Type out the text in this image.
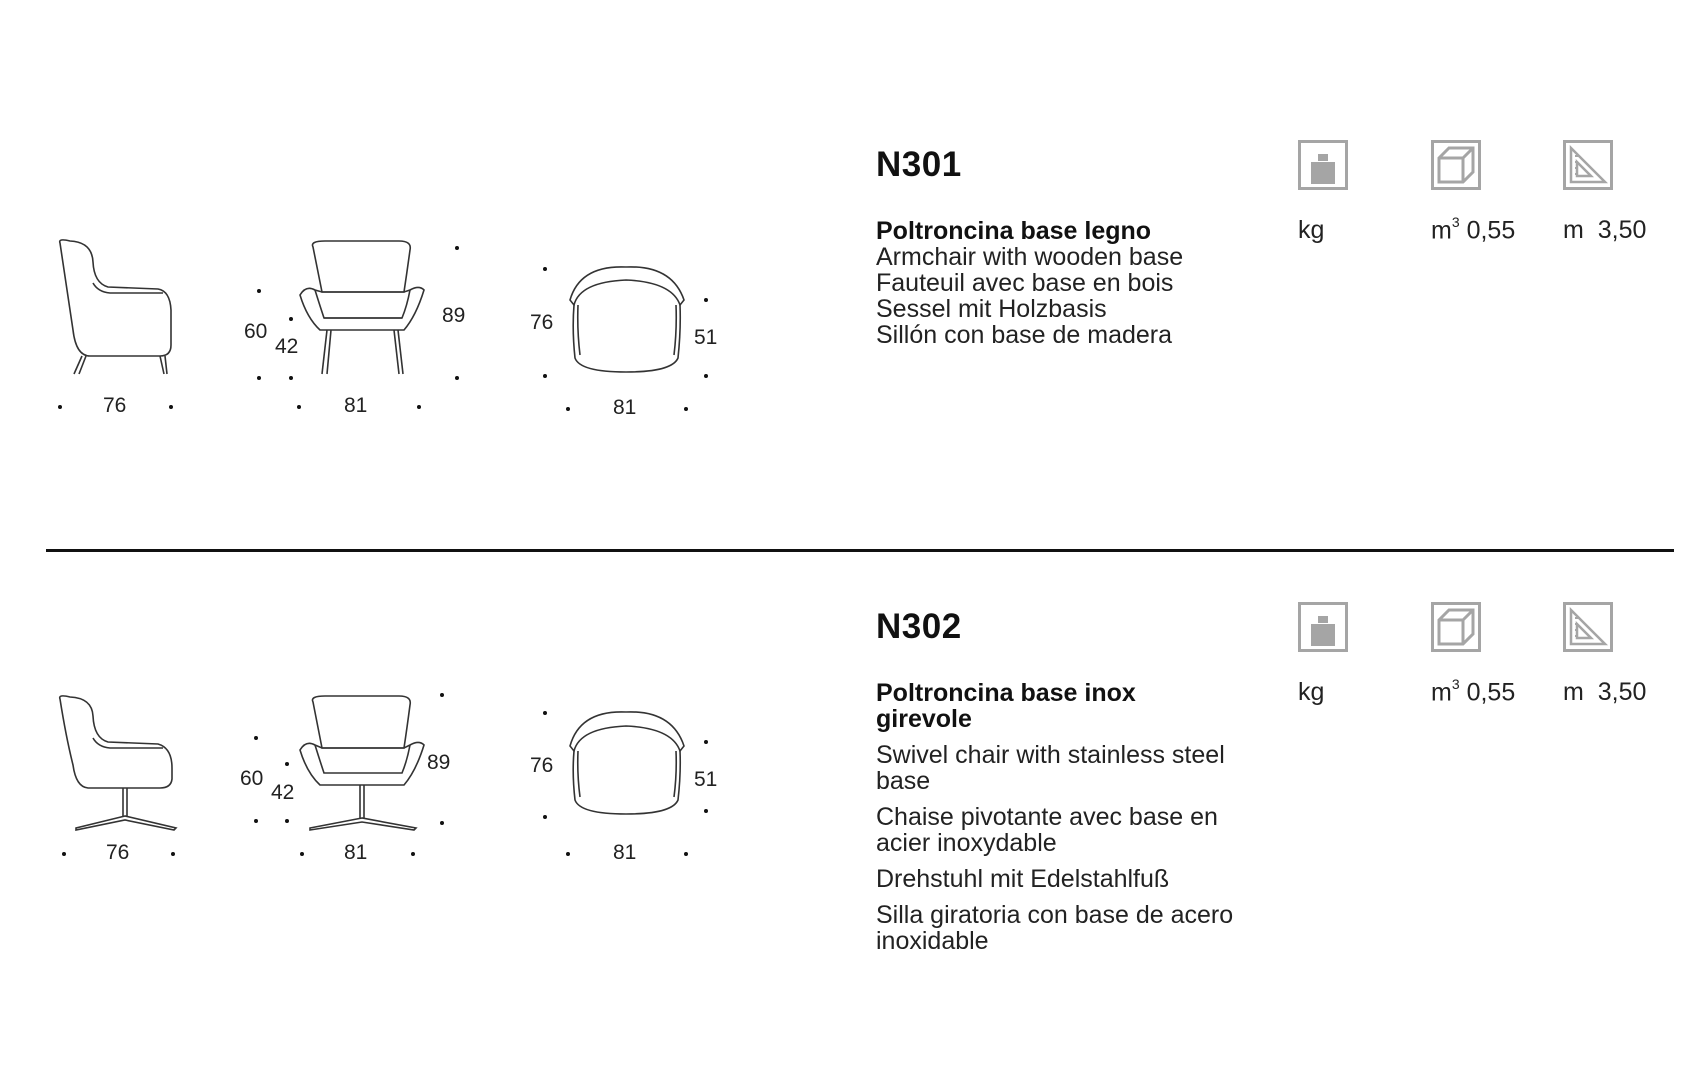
76
60
42
89
81
76
51
81
N301
Poltroncina base legno
Armchair with wooden base
Fauteuil avec base en bois
Sessel mit Holzbasis
Sillón con base de madera
kg	$m^3$ 0,55 m 3,50
76
60
42
89
81
76
51
81
N302
Poltroncina base inox girevole
Swivel chair with stainless steel base
Chaise pivotante avec base en acier inoxydable
Drehstuhl mit Edelstahlfuß
Silla giratoria con base de acero inoxidable
kg	$m^3$ 0,55 m 3,50
